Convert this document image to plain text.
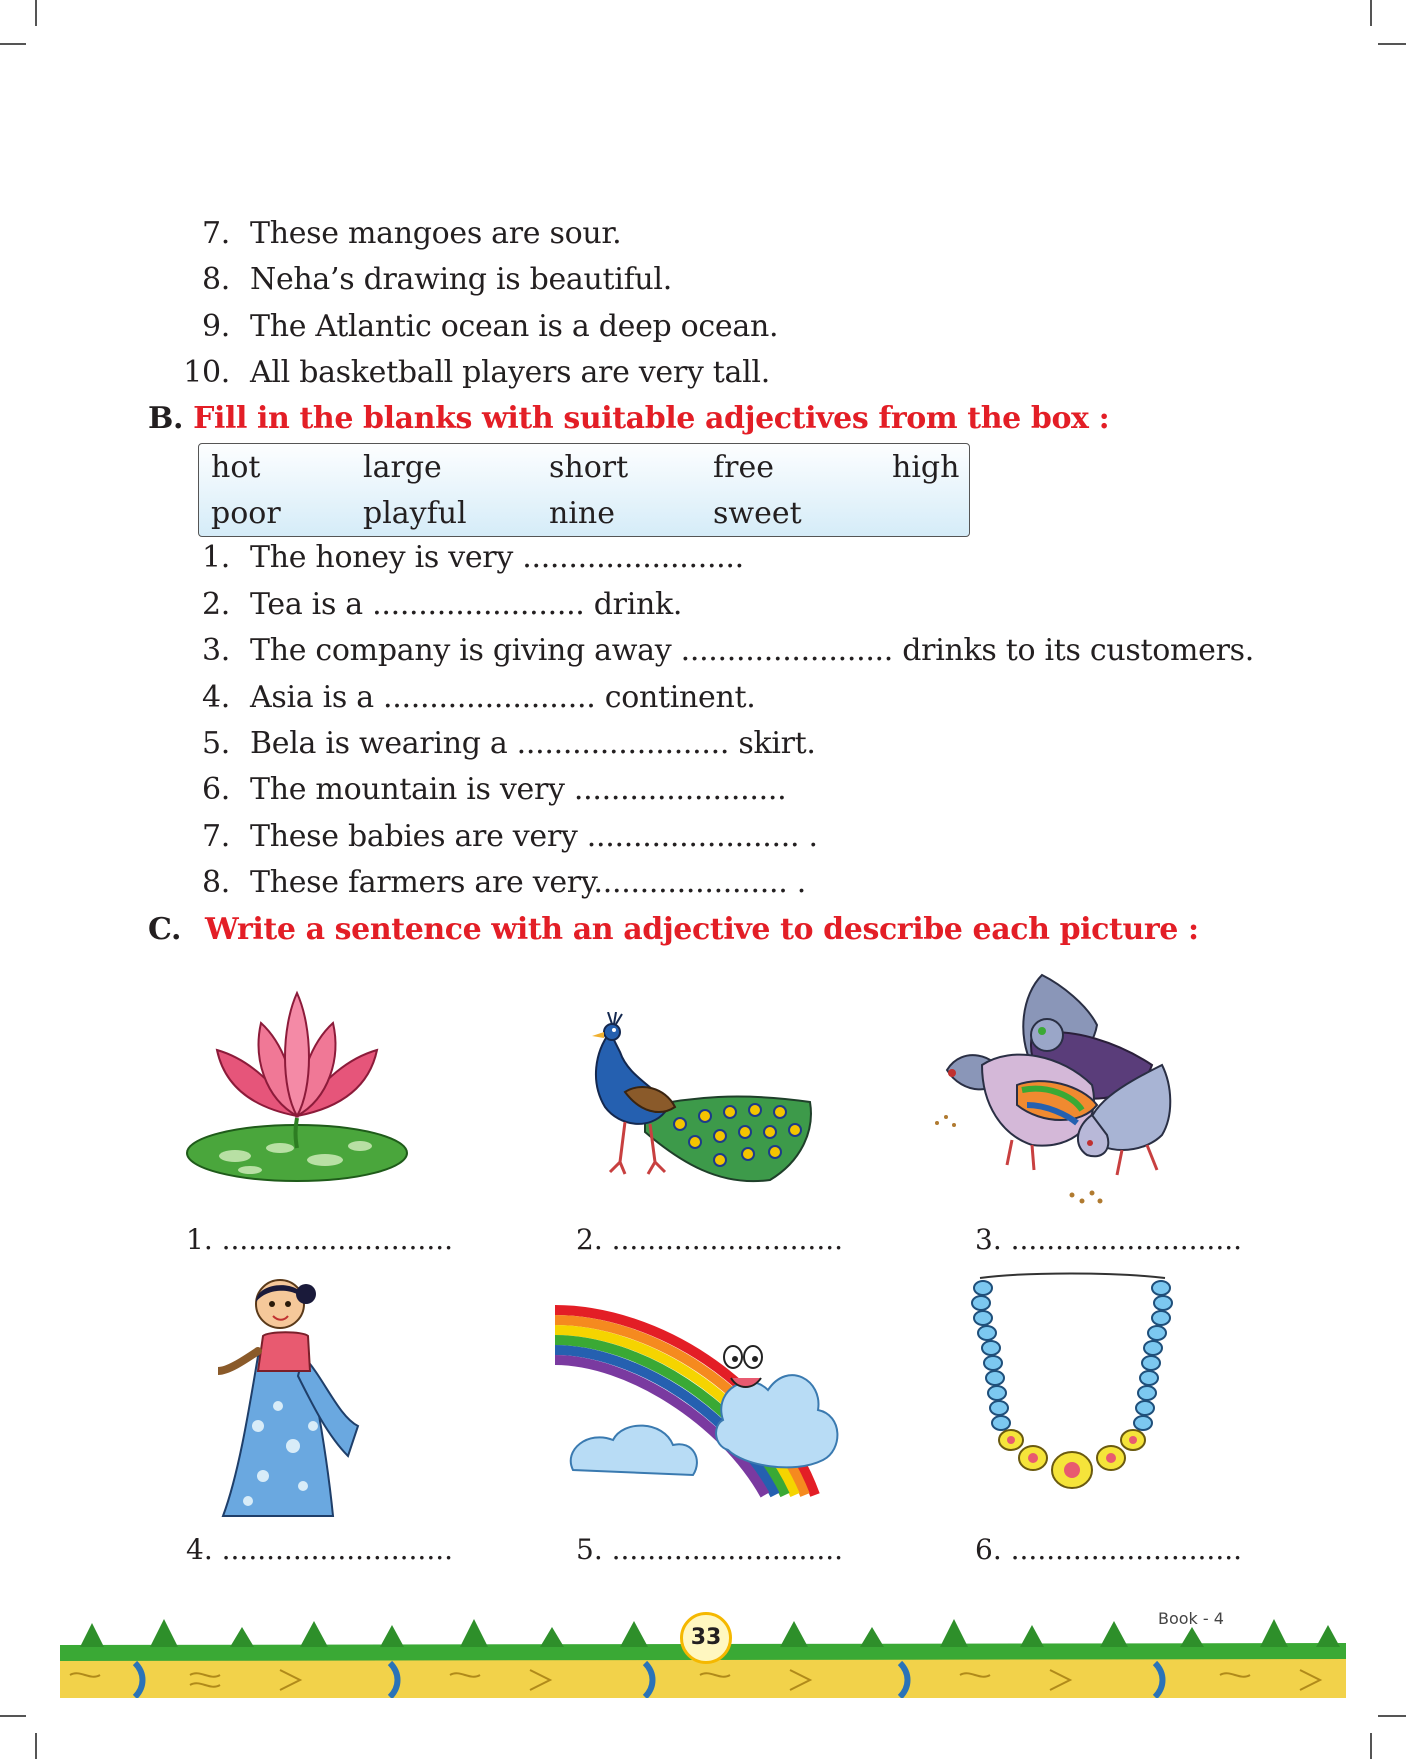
7. These mangoes are sour.
8. Neha’s drawing is beautiful.
9. The Atlantic ocean is a deep ocean.
10. All basketball players are very tall.
B. Fill in the blanks with suitable adjectives from the box :
hot	large	short	free	high
poor	playful	nine	sweet
1. The honey is very ........................
2. Tea is a ....................... drink.
3. The company is giving away ....................... drinks to its customers.
4. Asia is a ....................... continent.
5. Bela is wearing a ....................... skirt.
6. The mountain is very .......................
7. These babies are very ....................... .
8. These farmers are very..................... .
C. Write a sentence with an adjective to describe each picture :
1. ..........................	2. ..........................	3. ..........................
4. ..........................	5. ..........................	6. ..........................
33
Book - 4
